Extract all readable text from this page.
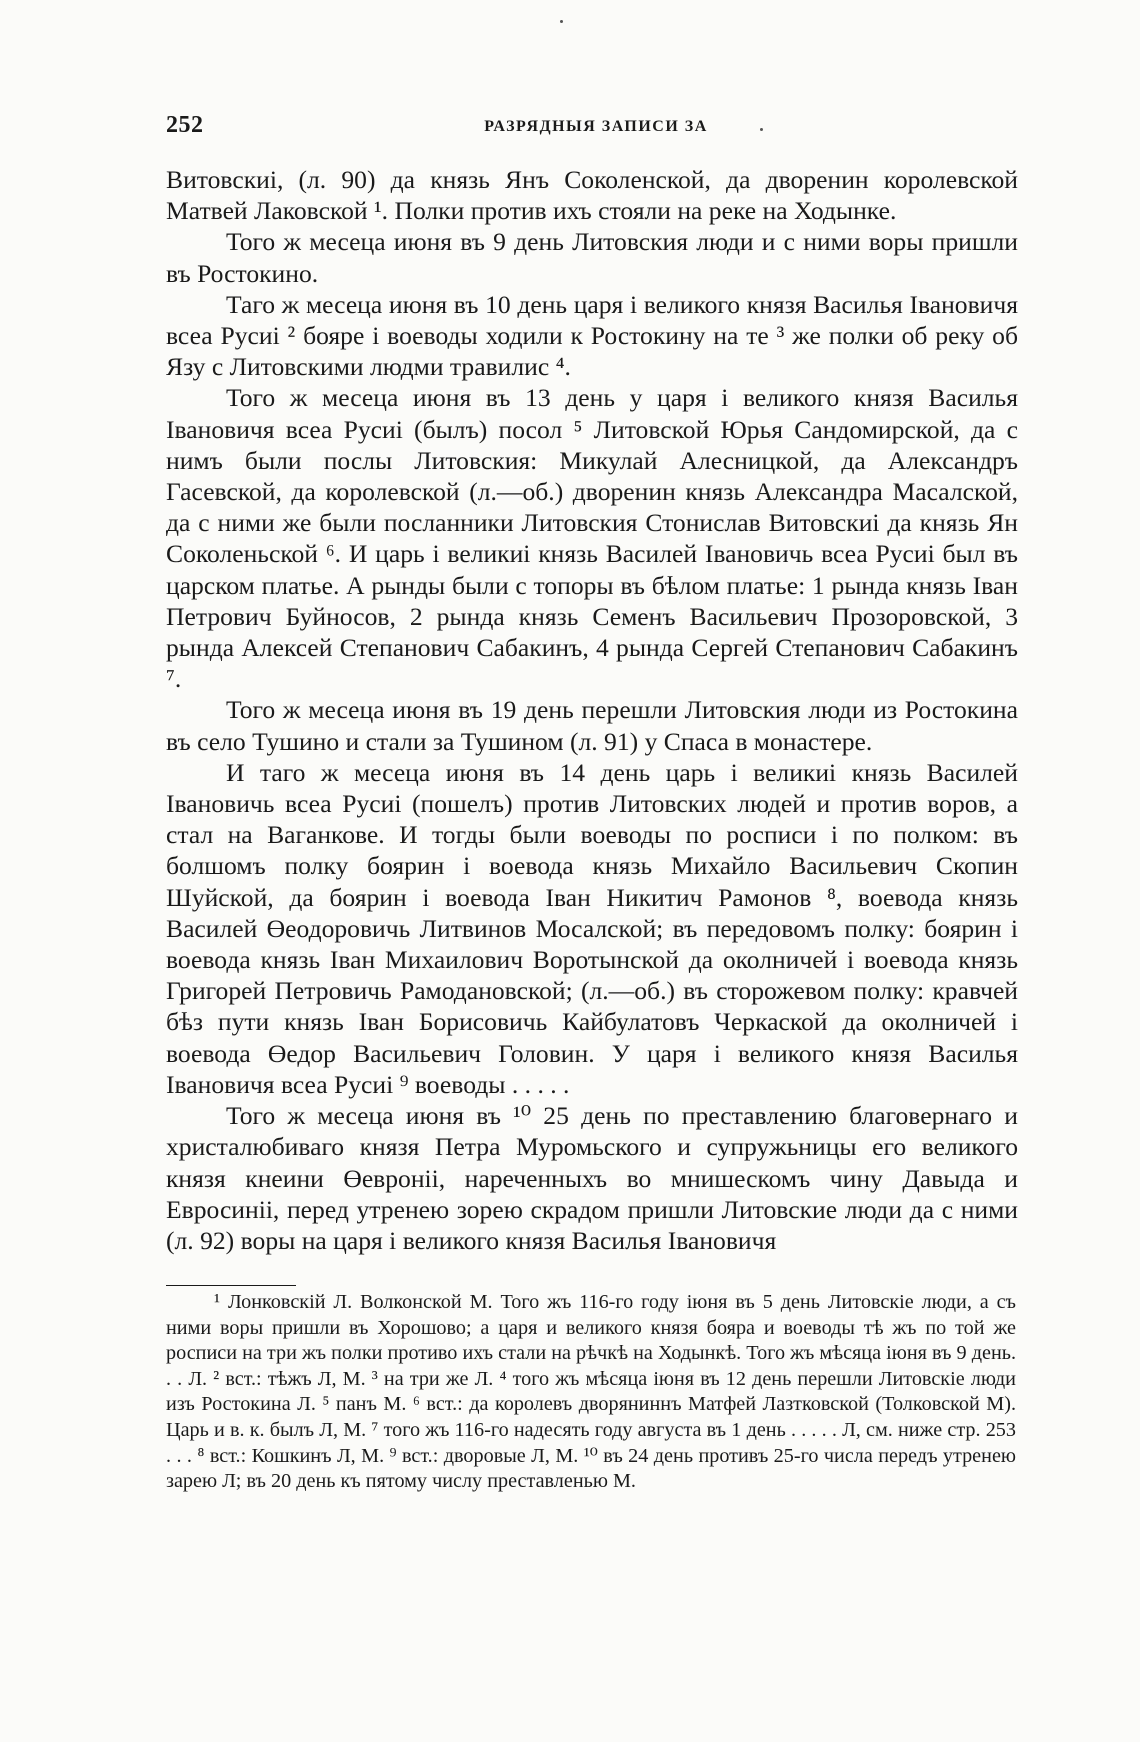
252	РАЗРЯДНЫЯ ЗАПИСИ ЗА

Витовскиі, (л. 90) да князь Янъ Соколенской, да дворенин королевской Матвей Лаковской ¹. Полки против ихъ стояли на реке на Ходынке.

Того ж месеца июня въ 9 день Литовския люди и с ними воры пришли въ Ростокино.

Таго ж месеца июня въ 10 день царя і великого князя Василья Івановичя всеа Русиі ² бояре і воеводы ходили к Ростокину на те ³ же полки об реку об Язу с Литовскими людми травилис ⁴.

Того ж месеца июня въ 13 день у царя і великого князя Василья Івановичя всеа Русиі (былъ) посол ⁵ Литовской Юрья Сандомирской, да с нимъ были послы Литовския: Микулай Алесницкой, да Александръ Гасевской, да королевской (л.—об.) дворенин князь Александра Масалской, да с ними же были посланники Литовския Стонислав Витовскиі да князь Ян Соколеньской ⁶. И царь і великиі князь Василей Івановичь всеа Русиі был въ царском платье. А рынды были с топоры въ бѣлом платье: 1 рында князь Іван Петрович Буйносов, 2 рында князь Семенъ Васильевич Прозоровской, 3 рында Алексей Степанович Сабакинъ, 4 рында Сергей Степанович Сабакинъ ⁷.

Того ж месеца июня въ 19 день перешли Литовския люди из Ростокина въ село Тушино и стали за Тушином (л. 91) у Спаса в монастере.

И таго ж месеца июня въ 14 день царь і великиі князь Василей Івановичь всеа Русиі (пошелъ) против Литовских людей и против воров, а стал на Ваганкове. И тогды были воеводы по росписи і по полком: въ болшомъ полку боярин і воевода князь Михайло Васильевич Скопин Шуйской, да боярин і воевода Іван Никитич Рамонов ⁸, воевода князь Василей Өеодоровичь Литвинов Мосалской; въ передовомъ полку: боярин і воевода князь Іван Михаилович Воротынской да околничей і воевода князь Григорей Петровичь Рамодановской; (л.—об.) въ сторожевом полку: кравчей бѣз пути князь Іван Борисовичь Кайбулатовъ Черкаской да околничей і воевода Өедор Васильевич Головин. У царя і великого князя Василья Івановичя всеа Русиі ⁹ воеводы . . . . .

Того ж месеца июня въ ¹⁰ 25 день по преставлению благовернаго и христалюбиваго князя Петра Муромьского и супружьницы его великого князя кнеини Өевроніі, нареченныхъ во мнишескомъ чину Давыда и Евросиніі, перед утренею зорею скрадом пришли Литовские люди да с ними (л. 92) воры на царя і великого князя Василья Івановичя

¹ Лонковскій Л. Волконской М. Того жъ 116-го году іюня въ 5 день Литовскіе люди, а съ ними воры пришли въ Хорошово; а царя и великого князя бояра и воеводы тѣ жъ по той же росписи на три жъ полки противо ихъ стали на рѣчкѣ на Ходынкѣ. Того жъ мѣсяца іюня въ 9 день. . . Л. ² вст.: тѣжъ Л, М. ³ на три же Л. ⁴ того жъ мѣсяца іюня въ 12 день перешли Литовскіе люди изъ Ростокина Л. ⁵ панъ М. ⁶ вст.: да королевъ дворяниннъ Матфей Лазтковской (Толковской М). Царь и в. к. былъ Л, М. ⁷ того жъ 116-го надесять году августа въ 1 день . . . . . Л, см. ниже стр. 253 . . . ⁸ вст.: Кошкинъ Л, М. ⁹ вст.: дворовые Л, М. ¹⁰ въ 24 день противъ 25-го числа передъ утренею зарею Л; въ 20 день къ пятому числу преставленью М.
